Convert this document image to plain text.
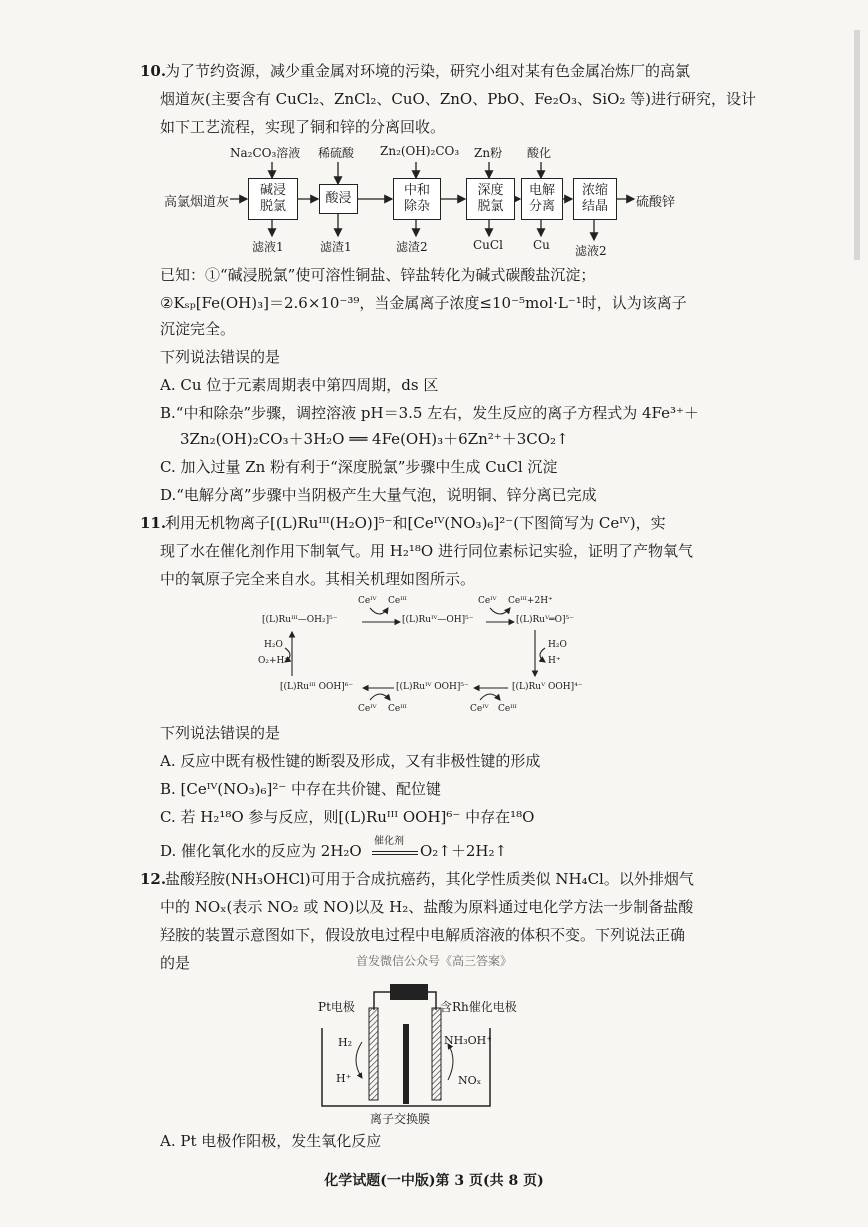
10.
为了节约资源，减少重金属对环境的污染，研究小组对某有色金属冶炼厂的高氯
烟道灰(主要含有 CuCl₂、ZnCl₂、CuO、ZnO、PbO、Fe₂O₃、SiO₂ 等)进行研究，设计
如下工艺流程，实现了铜和锌的分离回收。
高氯烟道灰	硫酸锌
Na₂CO₃溶液 稀硫酸 Zn₂(OH)₂CO₃ Zn粉 酸化
碱浸
脱氯
酸浸
中和
除杂
深度
脱氯
电解
分离
浓缩
结晶
滤液1	滤渣1	滤渣2	CuCl	Cu 滤液2
已知：①“碱浸脱氯”使可溶性铜盐、锌盐转化为碱式碳酸盐沉淀；
②Kₛₚ[Fe(OH)₃]＝2.6×10⁻³⁹，当金属离子浓度≤10⁻⁵mol·L⁻¹时，认为该离子
沉淀完全。
下列说法错误的是
A. Cu 位于元素周期表中第四周期，ds 区
B.“中和除杂”步骤，调控溶液 pH＝3.5 左右，发生反应的离子方程式为 4Fe³⁺＋
3Zn₂(OH)₂CO₃＋3H₂O ══ 4Fe(OH)₃＋6Zn²⁺＋3CO₂↑
C. 加入过量 Zn 粉有利于“深度脱氯”步骤中生成 CuCl 沉淀
D.“电解分离”步骤中当阴极产生大量气泡，说明铜、锌分离已完成
11.
利用无机物离子[(L)Ruᴵᴵᴵ(H₂O)]⁵⁻和[Ceᴵⱽ(NO₃)₆]²⁻(下图简写为 Ceᴵⱽ)，实
现了水在催化剂作用下制氧气。用 H₂¹⁸O 进行同位素标记实验，证明了产物氧气
中的氧原子完全来自水。其相关机理如图所示。
[(L)Ruᴵᴵᴵ—OH₂]⁵⁻	[(L)Ruᴵⱽ—OH]⁵⁻	[(L)Ruⱽ═O]⁵⁻
[(L)Ruᴵᴵᴵ OOH]⁶⁻	[(L)Ruᴵⱽ OOH]⁵⁻	[(L)Ruⱽ OOH]⁴⁻
Ceᴵⱽ Ceᴵᴵᴵ	Ceᴵⱽ Ceᴵᴵᴵ+2H⁺
H₂O
H⁺
H₂O
O₂+H⁺
Ceᴵⱽ Ceᴵᴵᴵ
Ceᴵⱽ Ceᴵᴵᴵ
下列说法错误的是
A. 反应中既有极性键的断裂及形成，又有非极性键的形成
B. [Ceᴵⱽ(NO₃)₆]²⁻ 中存在共价键、配位键
C. 若 H₂¹⁸O 参与反应，则[(L)Ruᴵᴵᴵ OOH]⁶⁻ 中存在¹⁸O
D. 催化氧化水的反应为 2H₂O
催化剂
O₂↑＋2H₂↑
12.
盐酸羟胺(NH₃OHCl)可用于合成抗癌药，其化学性质类似 NH₄Cl。以外排烟气
中的 NOₓ(表示 NO₂ 或 NO)以及 H₂、盐酸为原料通过电化学方法一步制备盐酸
羟胺的装置示意图如下，假设放电过程中电解质溶液的体积不变。下列说法正确
的是	首发微信公众号《高三答案》
Pt电极	含Rh催化电极
H₂
H⁺
NH₃OH⁺
NOₓ
离子交换膜
A. Pt 电极作阳极，发生氧化反应
化学试题(一中版)第 3 页(共 8 页)
